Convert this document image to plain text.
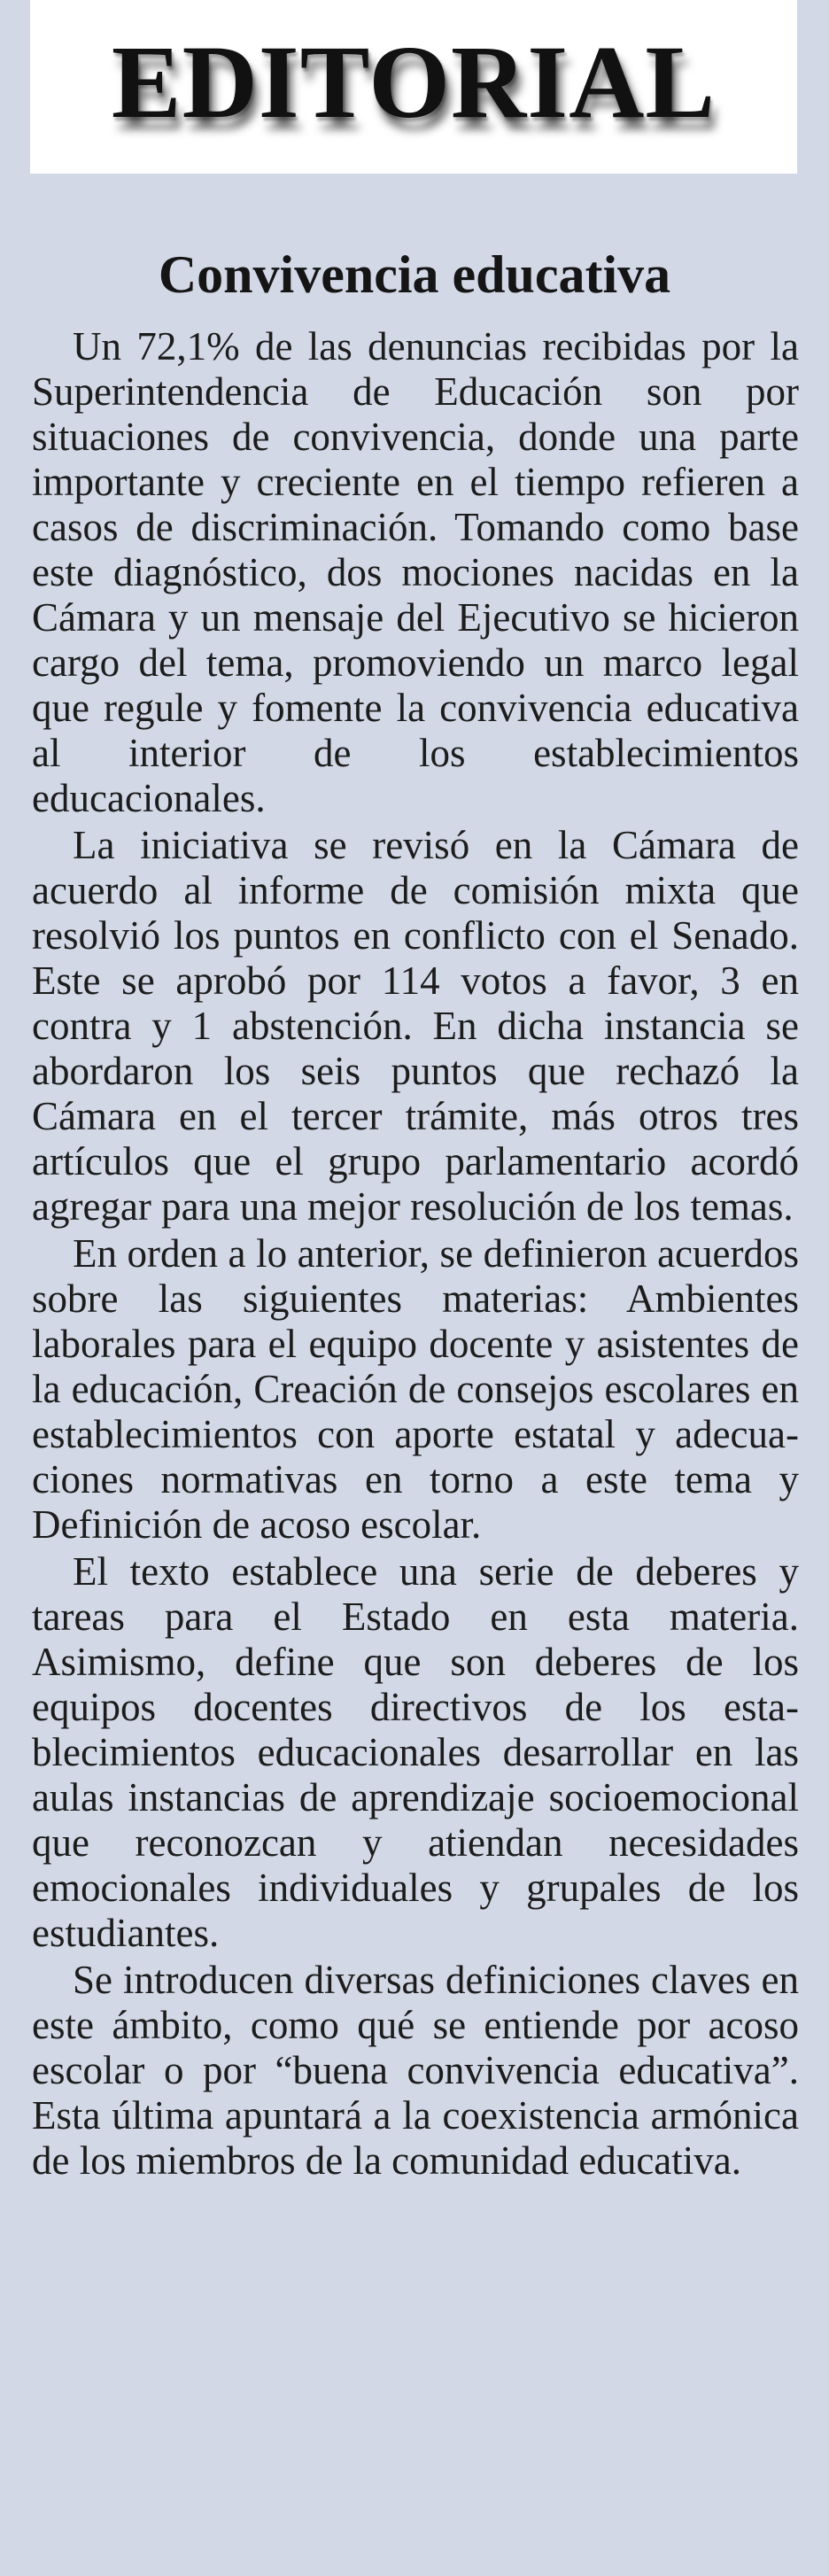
EDITORIAL
Convivencia educativa

Un 72,1% de las denuncias recibidas por la Superintendencia de Educación son por situaciones de convivencia, donde una parte importante y creciente en el tiempo refieren a casos de discriminación. Tomando como base este diagnóstico, dos mociones nacidas en la Cámara y un mensaje del Ejecutivo se hicieron cargo del tema, promoviendo un marco legal que regule y fomente la convivencia educativa al interior de los establecimientos educacionales.

La iniciativa se revisó en la Cámara de acuerdo al informe de comisión mixta que resolvió los puntos en conflicto con el Senado. Este se aprobó por 114 votos a favor, 3 en contra y 1 abstención. En dicha instancia se abordaron los seis puntos que rechazó la Cámara en el tercer trámite, más otros tres artículos que el grupo parlamentario acordó agregar para una mejor resolución de los temas.

En orden a lo anterior, se definieron acuerdos sobre las siguientes materias: Ambientes laborales para el equipo docente y asistentes de la educación, Creación de consejos escolares en establecimientos con aporte estatal y adecuaciones normativas en torno a este tema y Definición de acoso escolar.

El texto establece una serie de deberes y tareas para el Estado en esta materia. Asimismo, define que son deberes de los equipos docentes directivos de los establecimientos educacionales desarrollar en las aulas instancias de aprendizaje socioemocional que reconozcan y atiendan necesidades emocionales individuales y grupales de los estudiantes.

Se introducen diversas definiciones claves en este ámbito, como qué se entiende por acoso escolar o por “buena convivencia educativa”. Esta última apuntará a la coexistencia armónica de los miembros de la comunidad educativa.
